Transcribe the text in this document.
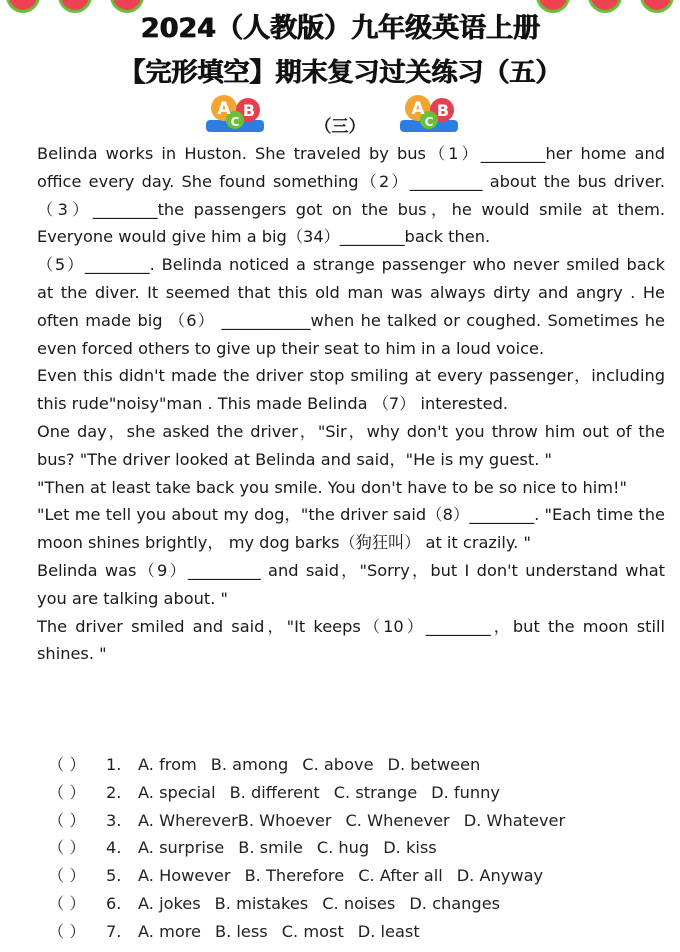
2024（人教版）九年级英语上册
【完形填空】期末复习过关练习（五）
A
C
B
（三）
A
C
B

Belinda works in Huston. She traveled by bus（1）________her home and office every day. She found something（2）_________ about the bus driver. （3）________the passengers got on the bus，he would smile at them. Everyone would give him a big（34）________back then.

（5）________. Belinda noticed a strange passenger who never smiled back at the diver. It seemed that this old man was always dirty and angry . He often made big （6） ___________when he talked or coughed. Sometimes he even forced others to give up their seat to him in a loud voice.

Even this didn't made the driver stop smiling at every passenger，including this rude"noisy"man . This made Belinda （7） interested.

One day，she asked the driver，"Sir，why don't you throw him out of the bus? "The driver looked at Belinda and said，"He is my guest. "

"Then at least take back you smile. You don't have to be so nice to him!"

"Let me tell you about my dog，"the driver said（8）________. "Each time the moon shines brightly， my dog barks（狗狂叫） at it crazily. "

Belinda was（9）_________ and said，"Sorry，but I don't understand what you are talking about. "

The driver smiled and said，"It keeps（10）________，but the moon still shines. "

（ ） 1. A. from B. among C. above D. between
（ ） 2. A. special B. different C. strange D. funny
（ ） 3. A. WhereverB. Whoever C. Whenever D. Whatever
（ ） 4. A. surprise B. smile C. hug D. kiss
（ ） 5. A. However B. Therefore C. After all D. Anyway
（ ） 6. A. jokes B. mistakes C. noises D. changes
（ ） 7. A. more B. less C. most D. least
